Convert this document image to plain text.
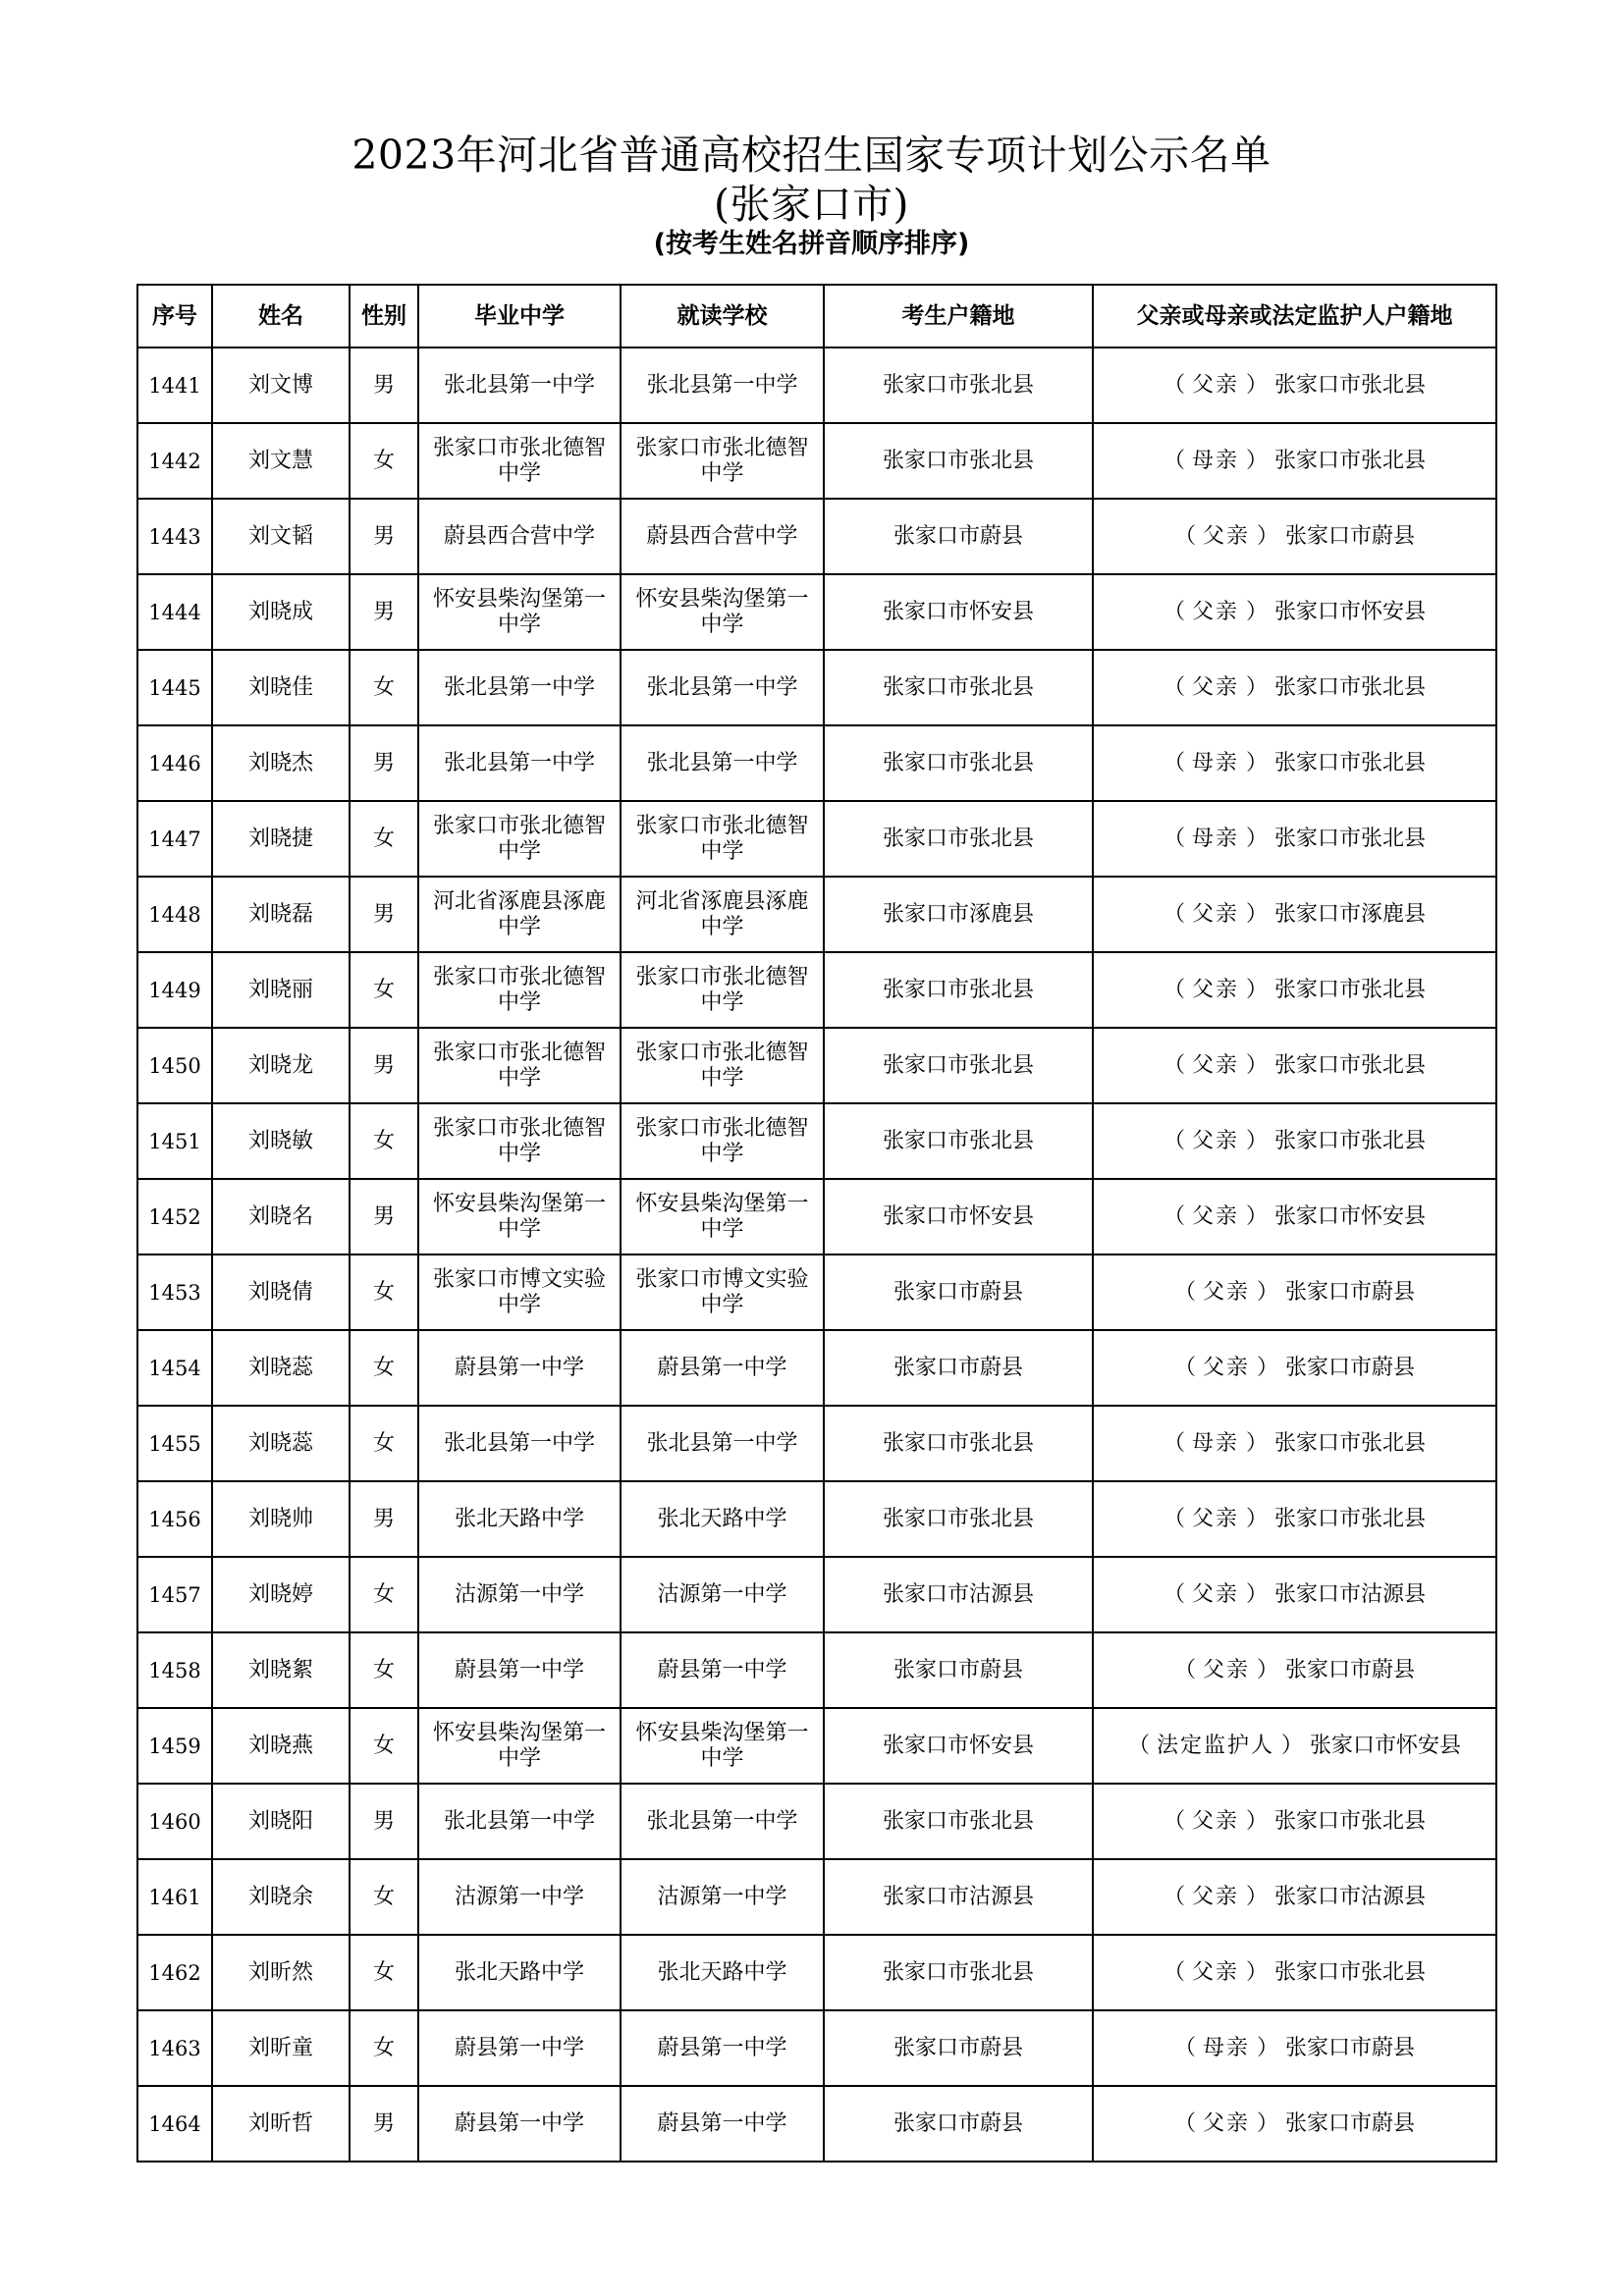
2023年河北省普通高校招生国家专项计划公示名单
(张家口市)
(按考生姓名拼音顺序排序)
序号	姓名	性别	毕业中学	就读学校	考生户籍地	父亲或母亲或法定监护人户籍地
1441	刘文博	男	张北县第一中学	张北县第一中学	张家口市张北县	（ 父亲 ） 张家口市张北县
1442	刘文慧	女	张家口市张北德智中学	张家口市张北德智中学	张家口市张北县	（ 母亲 ） 张家口市张北县
1443	刘文韬	男	蔚县西合营中学	蔚县西合营中学	张家口市蔚县	（ 父亲 ） 张家口市蔚县
1444	刘晓成	男	怀安县柴沟堡第一中学	怀安县柴沟堡第一中学	张家口市怀安县	（ 父亲 ） 张家口市怀安县
1445	刘晓佳	女	张北县第一中学	张北县第一中学	张家口市张北县	（ 父亲 ） 张家口市张北县
1446	刘晓杰	男	张北县第一中学	张北县第一中学	张家口市张北县	（ 母亲 ） 张家口市张北县
1447	刘晓捷	女	张家口市张北德智中学	张家口市张北德智中学	张家口市张北县	（ 母亲 ） 张家口市张北县
1448	刘晓磊	男	河北省涿鹿县涿鹿中学	河北省涿鹿县涿鹿中学	张家口市涿鹿县	（ 父亲 ） 张家口市涿鹿县
1449	刘晓丽	女	张家口市张北德智中学	张家口市张北德智中学	张家口市张北县	（ 父亲 ） 张家口市张北县
1450	刘晓龙	男	张家口市张北德智中学	张家口市张北德智中学	张家口市张北县	（ 父亲 ） 张家口市张北县
1451	刘晓敏	女	张家口市张北德智中学	张家口市张北德智中学	张家口市张北县	（ 父亲 ） 张家口市张北县
1452	刘晓名	男	怀安县柴沟堡第一中学	怀安县柴沟堡第一中学	张家口市怀安县	（ 父亲 ） 张家口市怀安县
1453	刘晓倩	女	张家口市博文实验中学	张家口市博文实验中学	张家口市蔚县	（ 父亲 ） 张家口市蔚县
1454	刘晓蕊	女	蔚县第一中学	蔚县第一中学	张家口市蔚县	（ 父亲 ） 张家口市蔚县
1455	刘晓蕊	女	张北县第一中学	张北县第一中学	张家口市张北县	（ 母亲 ） 张家口市张北县
1456	刘晓帅	男	张北天路中学	张北天路中学	张家口市张北县	（ 父亲 ） 张家口市张北县
1457	刘晓婷	女	沽源第一中学	沽源第一中学	张家口市沽源县	（ 父亲 ） 张家口市沽源县
1458	刘晓絮	女	蔚县第一中学	蔚县第一中学	张家口市蔚县	（ 父亲 ） 张家口市蔚县
1459	刘晓燕	女	怀安县柴沟堡第一中学	怀安县柴沟堡第一中学	张家口市怀安县	（ 法定监护人 ） 张家口市怀安县
1460	刘晓阳	男	张北县第一中学	张北县第一中学	张家口市张北县	（ 父亲 ） 张家口市张北县
1461	刘晓余	女	沽源第一中学	沽源第一中学	张家口市沽源县	（ 父亲 ） 张家口市沽源县
1462	刘昕然	女	张北天路中学	张北天路中学	张家口市张北县	（ 父亲 ） 张家口市张北县
1463	刘昕童	女	蔚县第一中学	蔚县第一中学	张家口市蔚县	（ 母亲 ） 张家口市蔚县
1464	刘昕哲	男	蔚县第一中学	蔚县第一中学	张家口市蔚县	（ 父亲 ） 张家口市蔚县
